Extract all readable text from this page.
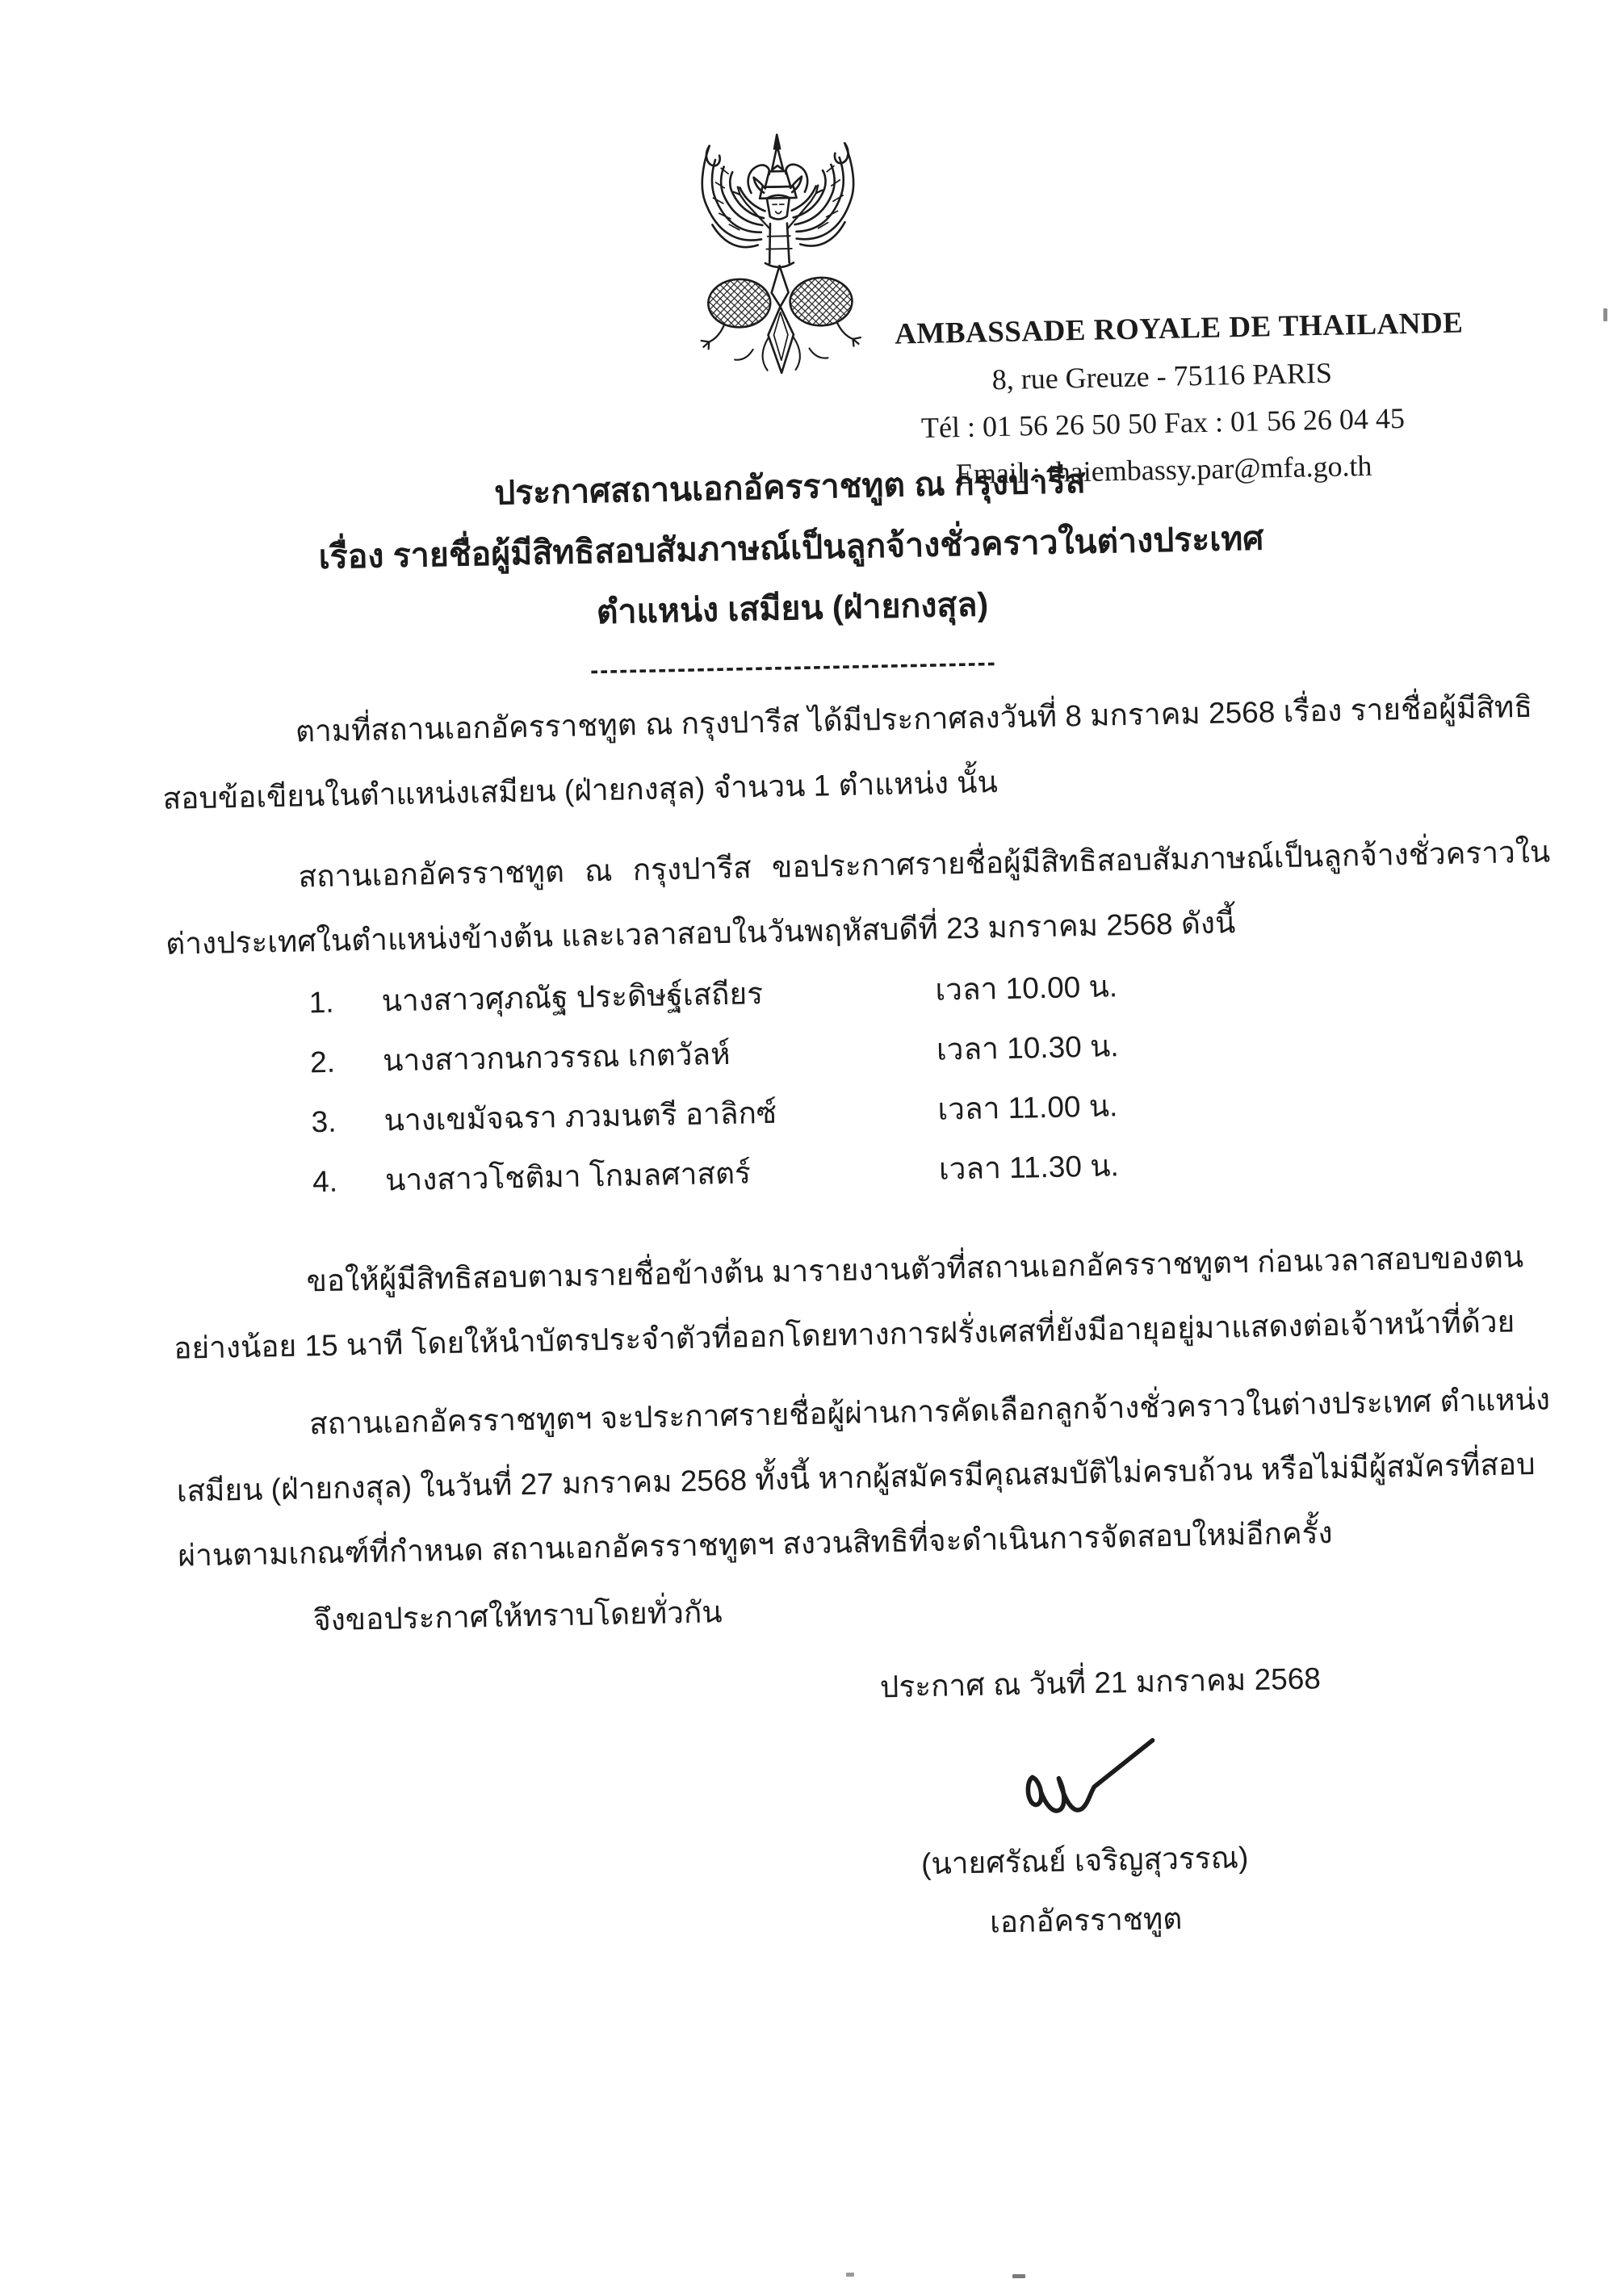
AMBASSADE ROYALE DE THAILANDE
8, rue Greuze - 75116 PARIS
Tél : 01 56 26 50 50 Fax : 01 56 26 04 45
Email : thaiembassy.par@mfa.go.th
ประกาศสถานเอกอัครราชทูต ณ กรุงปารีส
เรื่อง รายชื่อผู้มีสิทธิสอบสัมภาษณ์เป็นลูกจ้างชั่วคราวในต่างประเทศ
ตำแหน่ง เสมียน (ฝ่ายกงสุล)
------------------------------------------
ตามที่สถานเอกอัครราชทูต ณ กรุงปารีส ได้มีประกาศลงวันที่ 8 มกราคม 2568 เรื่อง รายชื่อผู้มีสิทธิ
สอบข้อเขียนในตำแหน่งเสมียน (ฝ่ายกงสุล) จำนวน 1 ตำแหน่ง นั้น
สถานเอกอัครราชทูต ณ กรุงปารีส ขอประกาศรายชื่อผู้มีสิทธิสอบสัมภาษณ์เป็นลูกจ้างชั่วคราวใน
ต่างประเทศในตำแหน่งข้างต้น และเวลาสอบในวันพฤหัสบดีที่ 23 มกราคม 2568 ดังนี้
1. นางสาวศุภณัฐ ประดิษฐ์เสถียร	เวลา 10.00 น.
2. นางสาวกนกวรรณ เกตวัลห์	เวลา 10.30 น.
3. นางเขมัจฉรา ภวมนตรี อาลิกซ์	เวลา 11.00 น.
4. นางสาวโชติมา โกมลศาสตร์	เวลา 11.30 น.
ขอให้ผู้มีสิทธิสอบตามรายชื่อข้างต้น มารายงานตัวที่สถานเอกอัครราชทูตฯ ก่อนเวลาสอบของตน
อย่างน้อย 15 นาที โดยให้นำบัตรประจำตัวที่ออกโดยทางการฝรั่งเศสที่ยังมีอายุอยู่มาแสดงต่อเจ้าหน้าที่ด้วย
สถานเอกอัครราชทูตฯ จะประกาศรายชื่อผู้ผ่านการคัดเลือกลูกจ้างชั่วคราวในต่างประเทศ ตำแหน่ง
เสมียน (ฝ่ายกงสุล) ในวันที่ 27 มกราคม 2568 ทั้งนี้ หากผู้สมัครมีคุณสมบัติไม่ครบถ้วน หรือไม่มีผู้สมัครที่สอบ
ผ่านตามเกณฑ์ที่กำหนด สถานเอกอัครราชทูตฯ สงวนสิทธิที่จะดำเนินการจัดสอบใหม่อีกครั้ง
จึงขอประกาศให้ทราบโดยทั่วกัน
ประกาศ ณ วันที่ 21 มกราคม 2568
(นายศรัณย์ เจริญสุวรรณ)
เอกอัครราชทูต
